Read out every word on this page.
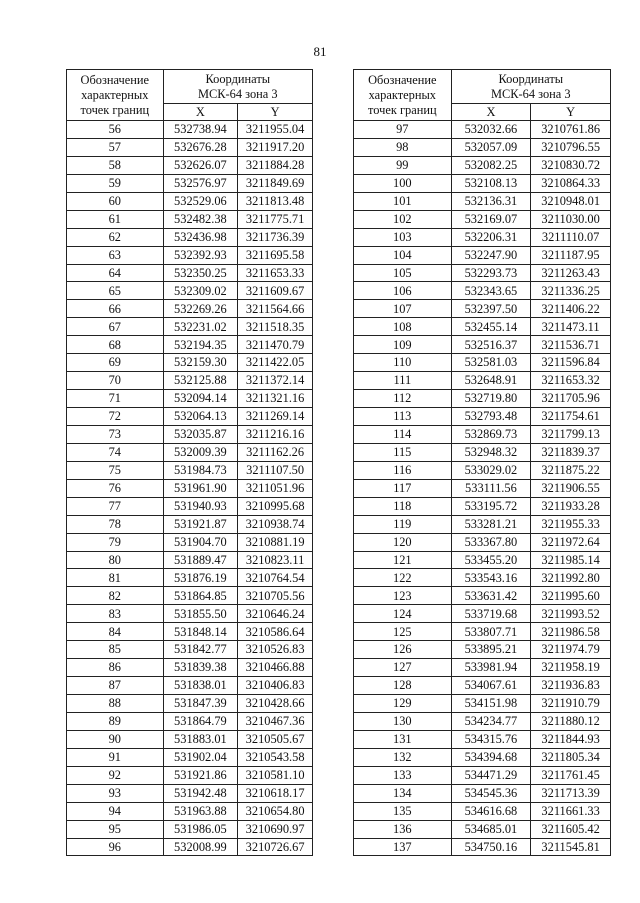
81
Обозначение
характерных
точек границ	Координаты
МСК-64 зона 3	
	X	Y
56	532738.94	3211955.04
57	532676.28	3211917.20
58	532626.07	3211884.28
59	532576.97	3211849.69
60	532529.06	3211813.48
61	532482.38	3211775.71
62	532436.98	3211736.39
63	532392.93	3211695.58
64	532350.25	3211653.33
65	532309.02	3211609.67
66	532269.26	3211564.66
67	532231.02	3211518.35
68	532194.35	3211470.79
69	532159.30	3211422.05
70	532125.88	3211372.14
71	532094.14	3211321.16
72	532064.13	3211269.14
73	532035.87	3211216.16
74	532009.39	3211162.26
75	531984.73	3211107.50
76	531961.90	3211051.96
77	531940.93	3210995.68
78	531921.87	3210938.74
79	531904.70	3210881.19
80	531889.47	3210823.11
81	531876.19	3210764.54
82	531864.85	3210705.56
83	531855.50	3210646.24
84	531848.14	3210586.64
85	531842.77	3210526.83
86	531839.38	3210466.88
87	531838.01	3210406.83
88	531847.39	3210428.66
89	531864.79	3210467.36
90	531883.01	3210505.67
91	531902.04	3210543.58
92	531921.86	3210581.10
93	531942.48	3210618.17
94	531963.88	3210654.80
95	531986.05	3210690.97
96	532008.99	3210726.67
Обозначение
характерных
точек границ	Координаты
МСК-64 зона 3	
	X	Y
97	532032.66	3210761.86
98	532057.09	3210796.55
99	532082.25	3210830.72
100	532108.13	3210864.33
101	532136.31	3210948.01
102	532169.07	3211030.00
103	532206.31	3211110.07
104	532247.90	3211187.95
105	532293.73	3211263.43
106	532343.65	3211336.25
107	532397.50	3211406.22
108	532455.14	3211473.11
109	532516.37	3211536.71
110	532581.03	3211596.84
111	532648.91	3211653.32
112	532719.80	3211705.96
113	532793.48	3211754.61
114	532869.73	3211799.13
115	532948.32	3211839.37
116	533029.02	3211875.22
117	533111.56	3211906.55
118	533195.72	3211933.28
119	533281.21	3211955.33
120	533367.80	3211972.64
121	533455.20	3211985.14
122	533543.16	3211992.80
123	533631.42	3211995.60
124	533719.68	3211993.52
125	533807.71	3211986.58
126	533895.21	3211974.79
127	533981.94	3211958.19
128	534067.61	3211936.83
129	534151.98	3211910.79
130	534234.77	3211880.12
131	534315.76	3211844.93
132	534394.68	3211805.34
133	534471.29	3211761.45
134	534545.36	3211713.39
135	534616.68	3211661.33
136	534685.01	3211605.42
137	534750.16	3211545.81
